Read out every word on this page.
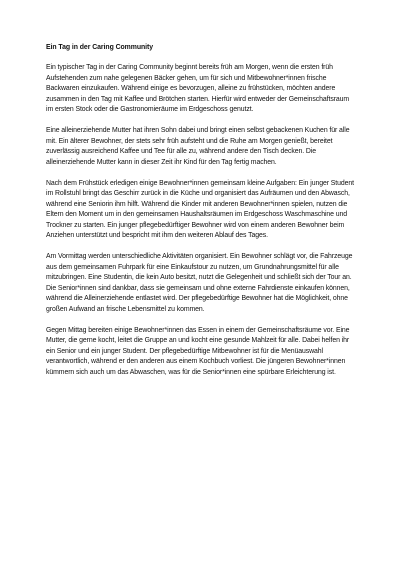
Ein Tag in der Caring Community

Ein typischer Tag in der Caring Community beginnt bereits früh am Morgen, wenn die ersten früh Aufstehenden zum nahe gelegenen Bäcker gehen, um für sich und Mitbewohner*innen frische Backwaren einzukaufen. Während einige es bevorzugen, alleine zu frühstücken, möchten andere zusammen in den Tag mit Kaffee und Brötchen starten. Hierfür wird entweder der Gemeinschaftsraum im ersten Stock oder die Gastronomieräume im Erdgeschoss genutzt.

Eine alleinerziehende Mutter hat ihren Sohn dabei und bringt einen selbst gebackenen Kuchen für alle mit. Ein älterer Bewohner, der stets sehr früh aufsteht und die Ruhe am Morgen genießt, bereitet zuverlässig ausreichend Kaffee und Tee für alle zu, während andere den Tisch decken. Die alleinerziehende Mutter kann in dieser Zeit ihr Kind für den Tag fertig machen.

Nach dem Frühstück erledigen einige Bewohner*innen gemeinsam kleine Aufgaben: Ein junger Student im Rollstuhl bringt das Geschirr zurück in die Küche und organisiert das Aufräumen und den Abwasch, während eine Seniorin ihm hilft. Während die Kinder mit anderen Bewohner*innen spielen, nutzen die Eltern den Moment um in den gemeinsamen Haushaltsräumen im Erdgeschoss Waschmaschine und Trockner zu starten. Ein junger pflegebedürftiger Bewohner wird von einem anderen Bewohner beim Anziehen unterstützt und bespricht mit ihm den weiteren Ablauf des Tages.

Am Vormittag werden unterschiedliche Aktivitäten organisiert. Ein Bewohner schlägt vor, die Fahrzeuge aus dem gemeinsamen Fuhrpark für eine Einkaufstour zu nutzen, um Grundnahrungsmittel für alle mitzubringen. Eine Studentin, die kein Auto besitzt, nutzt die Gelegenheit und schließt sich der Tour an. Die Senior*innen sind dankbar, dass sie gemeinsam und ohne externe Fahrdienste einkaufen können, während die Alleinerziehende entlastet wird. Der pflegebedürftige Bewohner hat die Möglichkeit, ohne großen Aufwand an frische Lebensmittel zu kommen.

Gegen Mittag bereiten einige Bewohner*innen das Essen in einem der Gemeinschaftsräume vor. Eine Mutter, die gerne kocht, leitet die Gruppe an und kocht eine gesunde Mahlzeit für alle. Dabei helfen ihr ein Senior und ein junger Student. Der pflegebedürftige Mitbewohner ist für die Menüauswahl verantwortlich, während er den anderen aus einem Kochbuch vorliest. Die jüngeren Bewohner*innen kümmern sich auch um das Abwaschen, was für die Senior*innen eine spürbare Erleichterung ist.
